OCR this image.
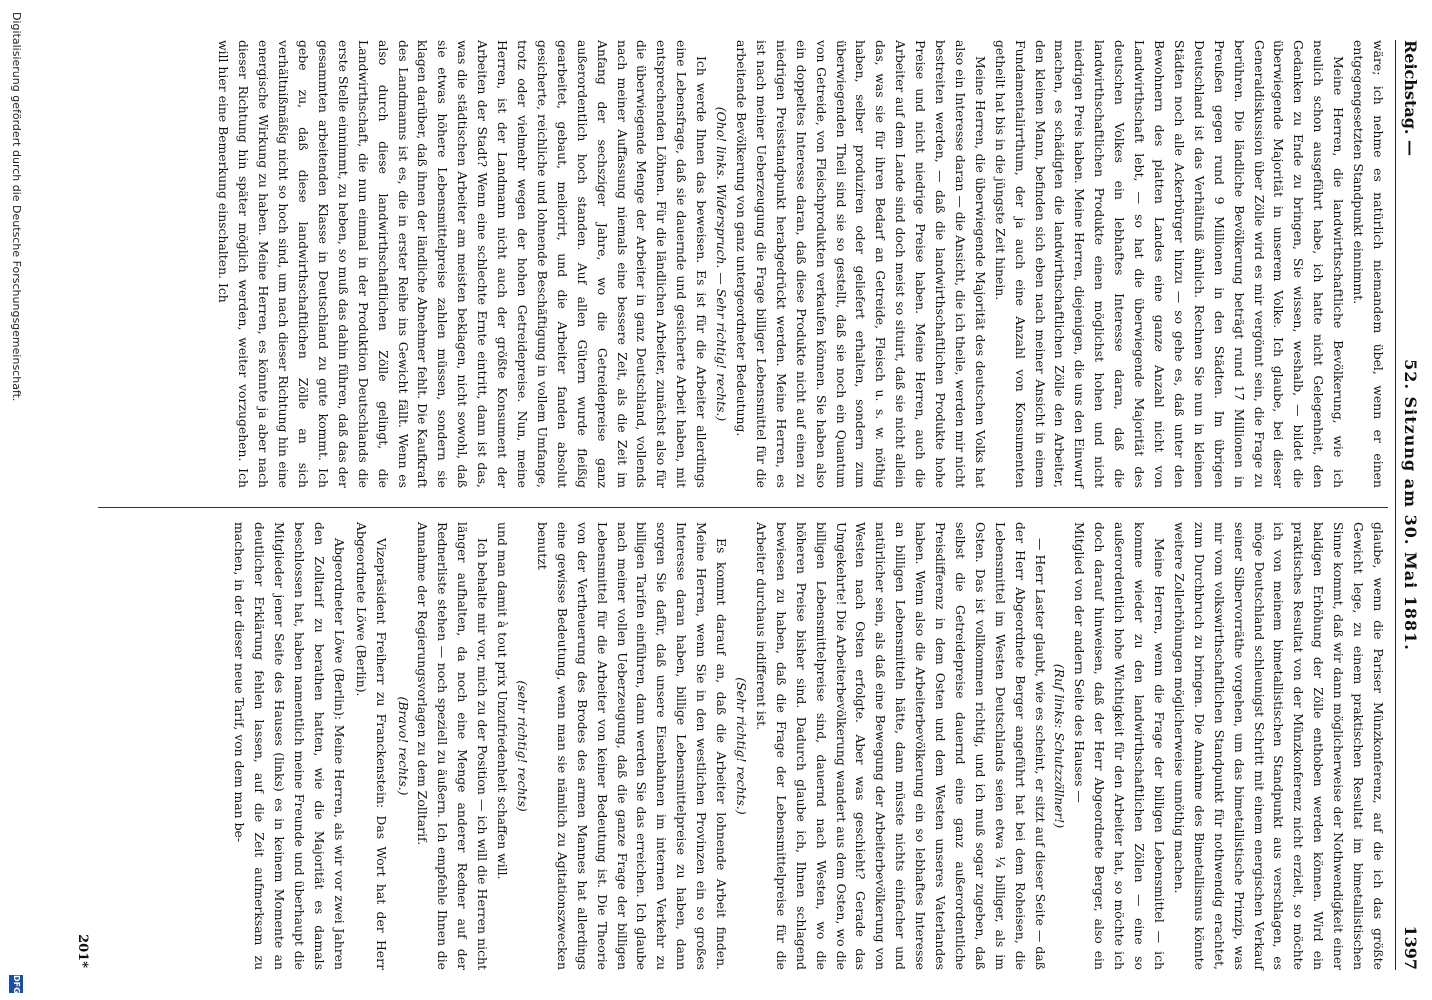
Reichstag. —
52. Sitzung am 30. Mai 1881.
1397

wäre; ich nehme es natürlich niemandem übel, wenn er einen entgegengesetzten Standpunkt einnimmt.

Meine Herren, die landwirthschaftliche Bevölkerung, wie ich neulich schon ausgeführt habe, ich hatte nicht Gelegenheit, den Gedanken zu Ende zu bringen, Sie wissen, weshalb, — bildet die überwiegende Majorität in unserem Volke. Ich glaube, bei dieser Generaldiskussion über Zölle wird es mir vergönnt sein, die Frage zu berühren. Die ländliche Bevölkerung beträgt rund 17 Millionen in Preußen gegen rund 9 Millionen in den Städten. Im übrigen Deutschland ist das Verhältniß ähnlich. Rechnen Sie nun in kleinen Städten noch alle Ackerbürger hinzu — so gehe es, daß unter den Bewohnern des platten Landes eine ganze Anzahl nicht von Landwirthschaft lebt, — so hat die überwiegende Majorität des deutschen Volkes ein lebhaftes Interesse daran, daß die landwirthschaftlichen Produkte einen möglichst hohen und nicht niedrigen Preis haben. Meine Herren, diejenigen, die uns den Einwurf machen, es schädigten die landwirthschaftlichen Zölle den Arbeiter, den kleinen Mann, befinden sich eben nach meiner Ansicht in einem Fundamentalirrthum, der ja auch eine Anzahl von Konsumenten getheilt hat bis in die jüngste Zeit hinein.

Meine Herren, die überwiegende Majorität des deutschen Volks hat also ein Interesse daran — die Ansicht, die ich theile, werden mir nicht bestreiten werden, — daß die landwirthschaftlichen Produkte hohe Preise und nicht niedrige Preise haben. Meine Herren, auch die Arbeiter auf dem Lande sind doch meist so situirt, daß sie nicht allein das, was sie für ihren Bedarf an Getreide, Fleisch u. s. w. nöthig haben, selber produziren oder geliefert erhalten, sondern zum überwiegenden Theil sind sie so gestellt, daß sie noch ein Quantum von Getreide, von Fleischprodukten verkaufen können. Sie haben also ein doppeltes Interesse daran, daß diese Produkte nicht auf einen zu niedrigen Preisstandpunkt herabgedrückt werden. Meine Herren, es ist nach meiner Ueberzeugung die Frage billiger Lebensmittel für die arbeitende Bevölkerung von ganz untergeordneter Bedeutung.

(Oho! links. Widerspruch. — Sehr richtig! rechts.)

Ich werde Ihnen das beweisen. Es ist für die Arbeiter allerdings eine Lebensfrage, daß sie dauernde und gesicherte Arbeit haben, mit entsprechenden Löhnen. Für die ländlichen Arbeiter, zunächst also für die überwiegende Menge der Arbeiter in ganz Deutschland, vollends nach meiner Auffassung niemals eine bessere Zeit, als die Zeit im Anfang der sechsziger Jahre, wo die Getreidepreise ganz außerordentlich hoch standen. Auf allen Gütern wurde fleißig gearbeitet, gebaut, meliorirt, und die Arbeiter fanden absolut gesicherte, reichliche und lohnende Beschäftigung in vollem Umfange, trotz oder vielmehr wegen der hohen Getreidepreise. Nun, meine Herren, ist der Landmann nicht auch der größte Konsument der Arbeiten der Stadt? Wenn eine schlechte Ernte eintritt, dann ist das, was die städtischen Arbeiter am meisten beklagen, nicht sowohl, daß sie etwas höhere Lebensmittelpreise zahlen müssen, sondern sie klagen darüber, daß ihnen der ländliche Abnehmer fehlt. Die Kaufkraft des Landmanns ist es, die in erster Reihe ins Gewicht fällt. Wenn es also durch diese landwirthschaftlichen Zölle gelingt, die Landwirthschaft, die nun einmal in der Produktion Deutschlands die erste Stelle einnimmt, zu heben, so muß das dahin führen, daß das der gesammten arbeitenden Klasse in Deutschland zu gute kommt. Ich gebe zu, daß diese landwirthschaftlichen Zölle an sich verhältnißmäßig nicht so hoch sind, um nach dieser Richtung hin eine energische Wirkung zu haben. Meine Herren, es könnte ja aber nach dieser Richtung hin später möglich werden, weiter vorzugehen. Ich will hier eine Bemerkung einschalten. Ich

glaube, wenn die Pariser Münzkonferenz, auf die ich das größte Gewicht lege, zu einem praktischen Resultat im bimetallistischen Sinne kommt, daß wir dann möglicherweise der Nothwendigkeit einer baldigen Erhöhung der Zölle enthoben werden können. Wird ein praktisches Resultat von der Münzkonferenz nicht erzielt, so möchte ich von meinem bimetallistischen Standpunkt aus verschlagen, es möge Deutschland schleunigst Schritt mit einem energischen Verkauf seiner Silbervorräthe vorgehen, um das bimetallistische Prinzip, was mir vom volkswirthschaftlichen Standpunkt für nothwendig erachtet, zum Durchbruch zu bringen. Die Annahme des Bimetallismus könnte weitere Zollerhöhungen möglicherweise unnöthig machen.

Meine Herren, wenn die Frage der billigen Lebensmittel — ich komme wieder zu den landwirthschaftlichen Zöllen — eine so außerordentlich hohe Wichtigkeit für den Arbeiter hat, so möchte ich doch darauf hinweisen, daß der Herr Abgeordnete Berger, also ein Mitglied von der andern Seite des Hauses —

(Ruf links: Schutzzöllner!)

— Herr Laster glaubt, wie es scheint, er sitzt auf dieser Seite — daß der Herr Abgeordnete Berger angeführt hat bei dem Roheisen, die Lebensmittel im Westen Deutschlands seien etwa ¼ billiger, als im Osten. Das ist vollkommen richtig, und ich muß sogar zugeben, daß selbst die Getreidepreise dauernd eine ganz außerordentliche Preisdifferenz in dem Osten und dem Westen unseres Vaterlandes haben. Wenn also die Arbeiterbevölkerung ein so lebhaftes Interesse an billigen Lebensmitteln hätte, dann müsste nichts einfacher und natürlicher sein, als daß eine Bewegung der Arbeiterbevölkerung von Westen nach Osten erfolgte. Aber was geschieht? Gerade das Umgekehrte! Die Arbeiterbevölkerung wandert aus dem Osten, wo die billigen Lebensmittelpreise sind, dauernd nach Westen, wo die höheren Preise bisher sind. Dadurch glaube ich, Ihnen schlagend bewiesen zu haben, daß die Frage der Lebensmittelpreise für die Arbeiter durchaus indifferent ist.

(Sehr richtig! rechts.)

Es kommt darauf an, daß die Arbeiter lohnende Arbeit finden. Meine Herren, wenn Sie in den westlichen Provinzen ein so großes Interesse daran haben, billige Lebensmittelpreise zu haben, dann sorgen Sie dafür, daß unsere Eisenbahnen im internen Verkehr zu billigen Tarifen einführen, dann werden Sie das erreichen. Ich glaube nach meiner vollen Ueberzeugung, daß die ganze Frage der billigen Lebensmittel für die Arbeiter von keiner Bedeutung ist. Die Theorie von der Vertheuerung des Brodes des armen Mannes hat allerdings eine gewisse Bedeutung, wenn man sie nämlich zu Agitationszwecken benutzt

(sehr richtig! rechts)

und man damit à tout prix Unzufriedenheit schaffen will.

Ich behalte mir vor, mich zu der Position — ich will die Herren nicht länger aufhalten, da noch eine Menge anderer Redner auf der Rednerliste stehen — noch speziell zu äußern. Ich empfehle Ihnen die Annahme der Regierungsvorlagen zu dem Zolltarif.

(Bravo! rechts.)

Vizepräsident Freiherr zu Franckenstein: Das Wort hat der Herr Abgeordnete Löwe (Berlin).

Abgeordneter Löwe (Berlin): Meine Herren, als wir vor zwei Jahren den Zolltarif zu berathen hatten, wie die Majorität es damals beschlossen hat, haben namentlich meine Freunde und überhaupt die Mitglieder jener Seite des Hauses (links) es in keinem Momente an deutlicher Erklärung fehlen lassen, auf die Zeit aufmerksam zu machen, in der dieser neue Tarif, von dem man be-

201*
Digitalisierung gefördert durch die Deutsche Forschungsgemeinschaft.
DFG
